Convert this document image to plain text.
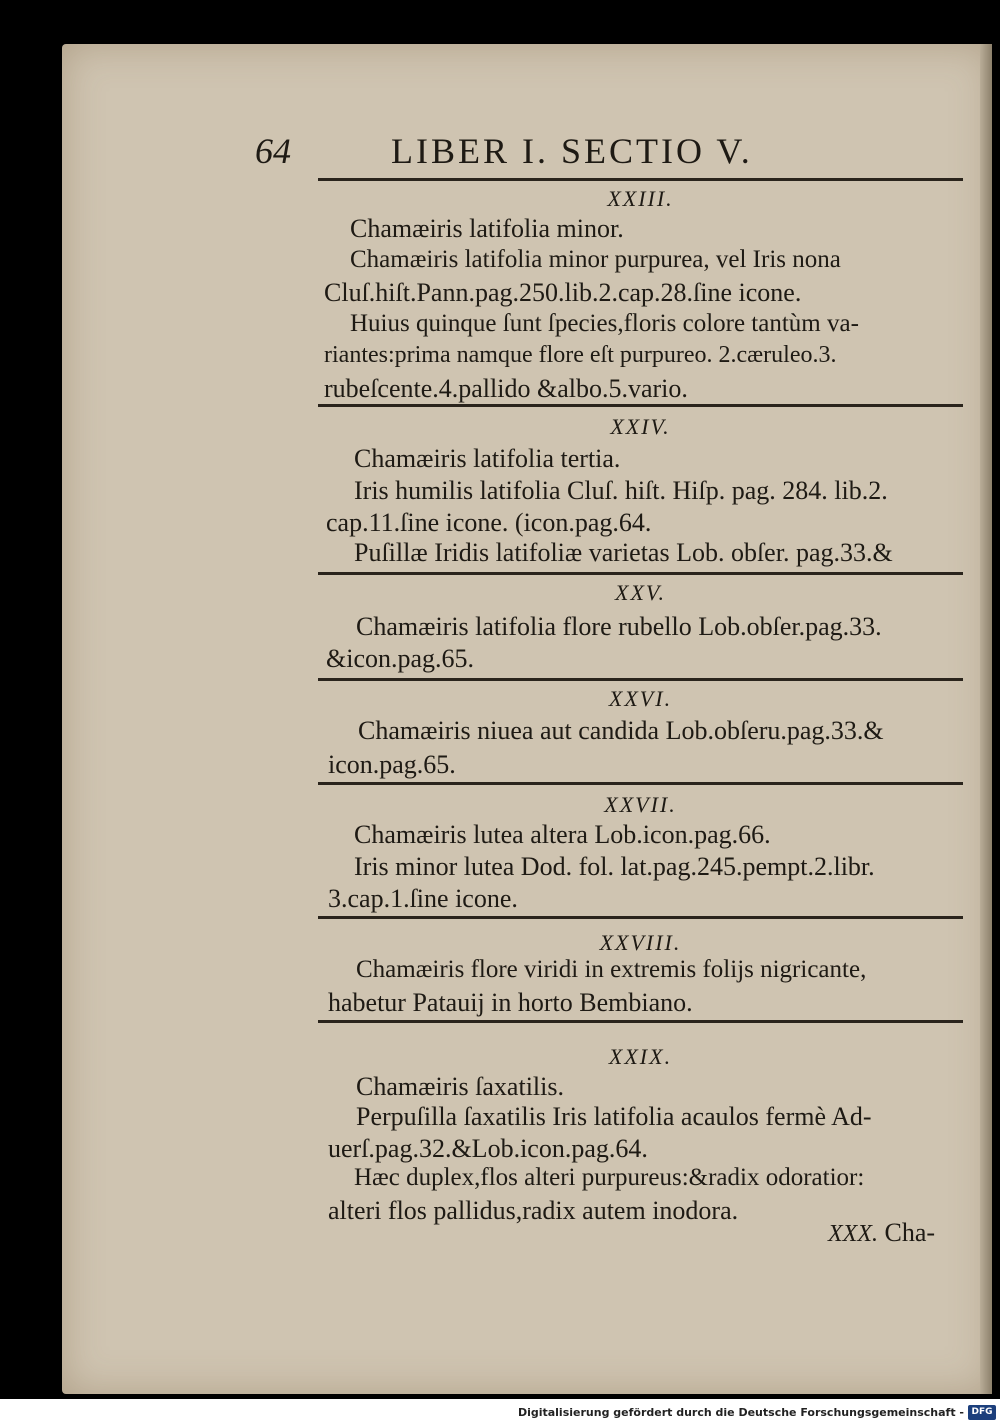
64	LIBER I. SECTIO V.
XXIII.
Chamæiris latifolia minor.
Chamæiris latifolia minor purpurea, vel Iris nona
Cluſ.hiſt.Pann.pag.250.lib.2.cap.28.ſine icone.
Huius quinque ſunt ſpecies,floris colore tantùm va-
riantes:prima namque flore eſt purpureo. 2.cæruleo.3.
rubeſcente.4.pallido &albo.5.vario.
XXIV.
Chamæiris latifolia tertia.
Iris humilis latifolia Cluſ. hiſt. Hiſp. pag. 284. lib.2.
cap.11.ſine icone. (icon.pag.64.
Puſillæ Iridis latifoliæ varietas Lob. obſer. pag.33.&
XXV.
Chamæiris latifolia flore rubello Lob.obſer.pag.33.
&icon.pag.65.
XXVI.
Chamæiris niuea aut candida Lob.obſeru.pag.33.&
icon.pag.65.
XXVII.
Chamæiris lutea altera Lob.icon.pag.66.
Iris minor lutea Dod. fol. lat.pag.245.pempt.2.libr.
3.cap.1.ſine icone.
XXVIII.
Chamæiris flore viridi in extremis folijs nigricante,
habetur Patauij in horto Bembiano.
XXIX.
Chamæiris ſaxatilis.
Perpuſilla ſaxatilis Iris latifolia acaulos fermè Ad-
uerſ.pag.32.&Lob.icon.pag.64.
Hæc duplex,flos alteri purpureus:&radix odoratior:
alteri flos pallidus,radix autem inodora.
XXX. Cha-
Digitalisierung gefördert durch die Deutsche Forschungsgemeinschaft - DFG
